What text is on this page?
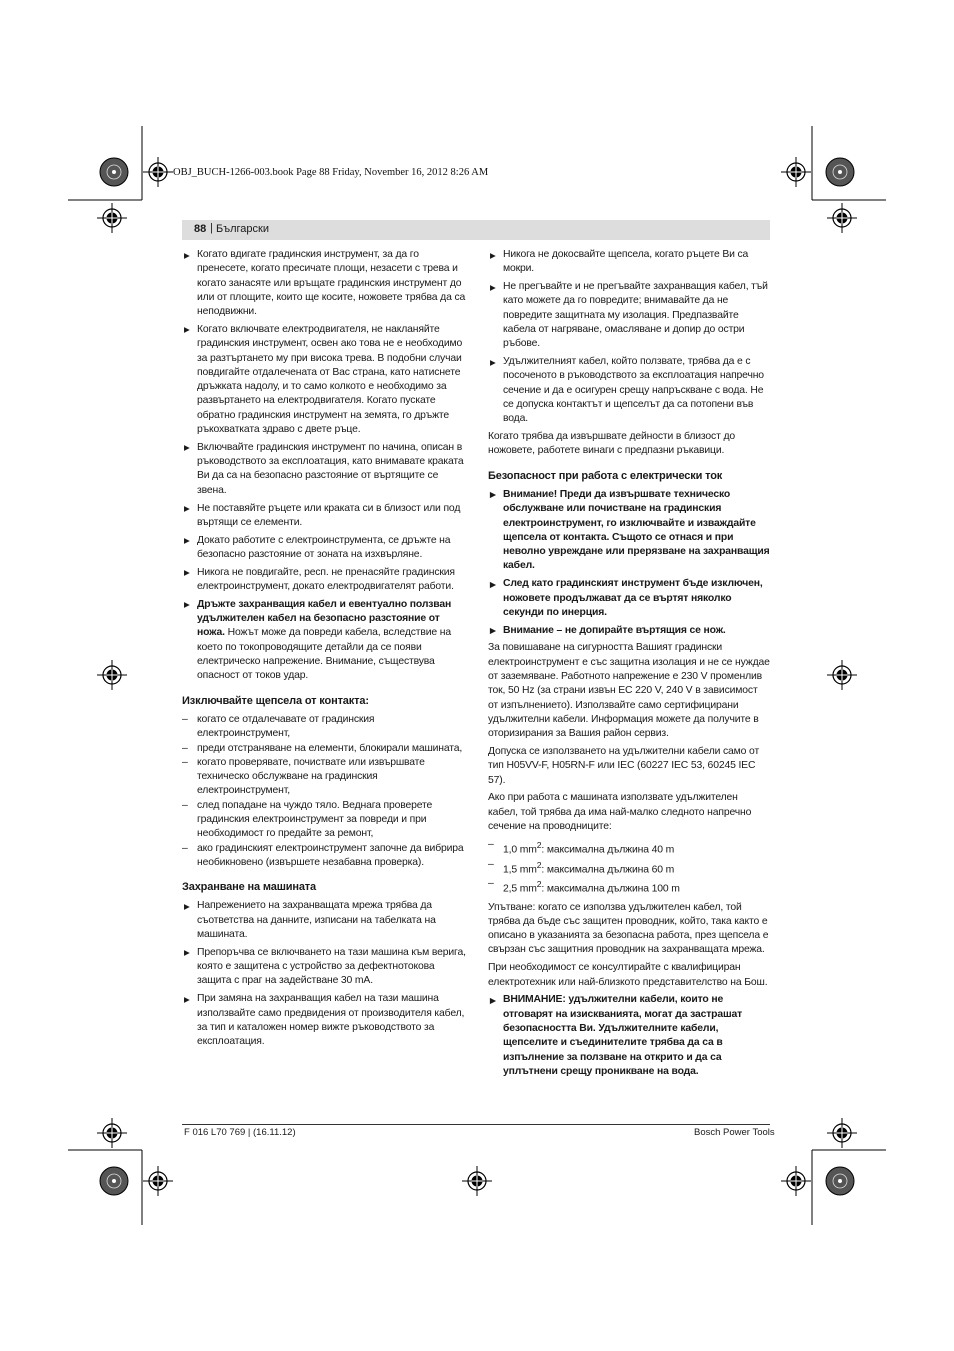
OBJ_BUCH-1266-003.book Page 88 Friday, November 16, 2012 8:26 AM
88 | Български
▶ Когато вдигате градинския инструмент, за да го пренесете, когато пресичате площи, незасети с трева и когато занасяте или връщате градинския инструмент до или от площите, които ще косите, ножовете трябва да са неподвижни.
▶ Когато включвате електродвигателя, не накланяйте градинския инструмент, освен ако това не е необходимо за разтъртането му при висока трева. В подобни случаи повдигайте отдалечената от Вас страна, като натиснете дръжката надолу, и то само колкото е необходимо за развъртането на електродвигателя. Когато пускате обратно градинския инструмент на земята, го дръжте ръкохватката здраво с двете ръце.
▶ Включвайте градинския инструмент по начина, описан в ръководството за експлоатация, като внимавате краката Ви да са на безопасно разстояние от въртящите се звена.
▶ Не поставяйте ръцете или краката си в близост или под въртящи се елементи.
▶ Докато работите с електроинструмента, се дръжте на безопасно разстояние от зоната на изхвърляне.
▶ Никога не повдигайте, респ. не пренасяйте градинския електроинструмент, докато електродвигателят работи.
▶ Дръжте захранващия кабел и евентуално ползван удължителен кабел на безопасно разстояние от ножа. Ножът може да повреди кабела, вследствие на което по токопроводящите детайли да се появи електрическо напрежение. Внимание, съществува опасност от токов удар.
Изключвайте щепсела от контакта:
– когато се отдалечавате от градинския електроинструмент,
– преди отстраняване на елементи, блокирали машината,
– когато проверявате, почиствате или извършвате техническо обслужване на градинския електроинструмент,
– след попадане на чуждо тяло. Веднага проверете градинския електроинструмент за повреди и при необходимост го предайте за ремонт,
– ако градинският електроинструмент започне да вибрира необикновено (извършете незабавна проверка).
Захранване на машината
▶ Напрежението на захранващата мрежа трябва да съответства на данните, изписани на табелката на машината.
▶ Препоръчва се включването на тази машина към верига, която е защитена с устройство за дефектнотокова защита с праг на задействане 30 mA.
▶ При замяна на захранващия кабел на тази машина използвайте само предвидения от производителя кабел, за тип и каталожен номер вижте ръководството за експлоатация.
▶ Никога не докосвайте щепсела, когато ръцете Ви са мокри.
▶ Не прегъвайте и не прегъвайте захранващия кабел, тъй като можете да го повредите; внимавайте да не повредите защитната му изолация. Предпазвайте кабела от нагряване, омасляване и допир до остри ръбове.
▶ Удължителният кабел, който ползвате, трябва да е с посоченото в ръководството за експлоатация напречно сечение и да е осигурен срещу напръскване с вода. Не се допуска контактът и щепселът да са потопени във вода.
Когато трябва да извършвате дейности в близост до ножовете, работете винаги с предпазни ръкавици.
Безопасност при работа с електрически ток
▶ Внимание! Преди да извършвате техническо обслужване или почистване на градинския електроинструмент, го изключвайте и изваждайте щепсела от контакта. Същото се отнася и при неволно увреждане или прерязване на захранващия кабел.
▶ След като градинският инструмент бъде изключен, ножовете продължават да се въртят няколко секунди по инерция.
▶ Внимание – не допирайте въртящия се нож.
За повишаване на сигурността Вашият градински електроинструмент е със защитна изолация и не се нуждае от заземяване. Работното напрежение е 230 V променлив ток, 50 Hz (за страни извън ЕС 220 V, 240 V в зависимост от изпълнението). Използвайте само сертифицирани удължителни кабели. Информация можете да получите в оторизирания за Вашия район сервиз.
Допуска се използването на удължителни кабели само от тип H05VV-F, H05RN-F или IEC (60227 IEC 53, 60245 IEC 57).
Ако при работа с машината използвате удължителен кабел, той трябва да има най-малко следното напречно сечение на проводниците:
– 1,0 $mm^2$: максимална дължина 40 m
– 1,5 $mm^2$: максимална дължина 60 m
– 2,5 $mm^2$: максимална дължина 100 m
Упътване: когато се използва удължителен кабел, той трябва да бъде със защитен проводник, който, така както е описано в указанията за безопасна работа, през щепсела е свързан със защитния проводник на захранващата мрежа.
При необходимост се консултирайте с квалифициран електротехник или най-близкото представителство на Бош.
▶ ВНИМАНИЕ: удължителни кабели, които не отговарят на изискванията, могат да застрашат безопасността Ви. Удължителните кабели, щепселите и съединителите трябва да са в изпълнение за ползване на открито и да са уплътнени срещу проникване на вода.
F 016 L70 769 | (16.11.12)	Bosch Power Tools
